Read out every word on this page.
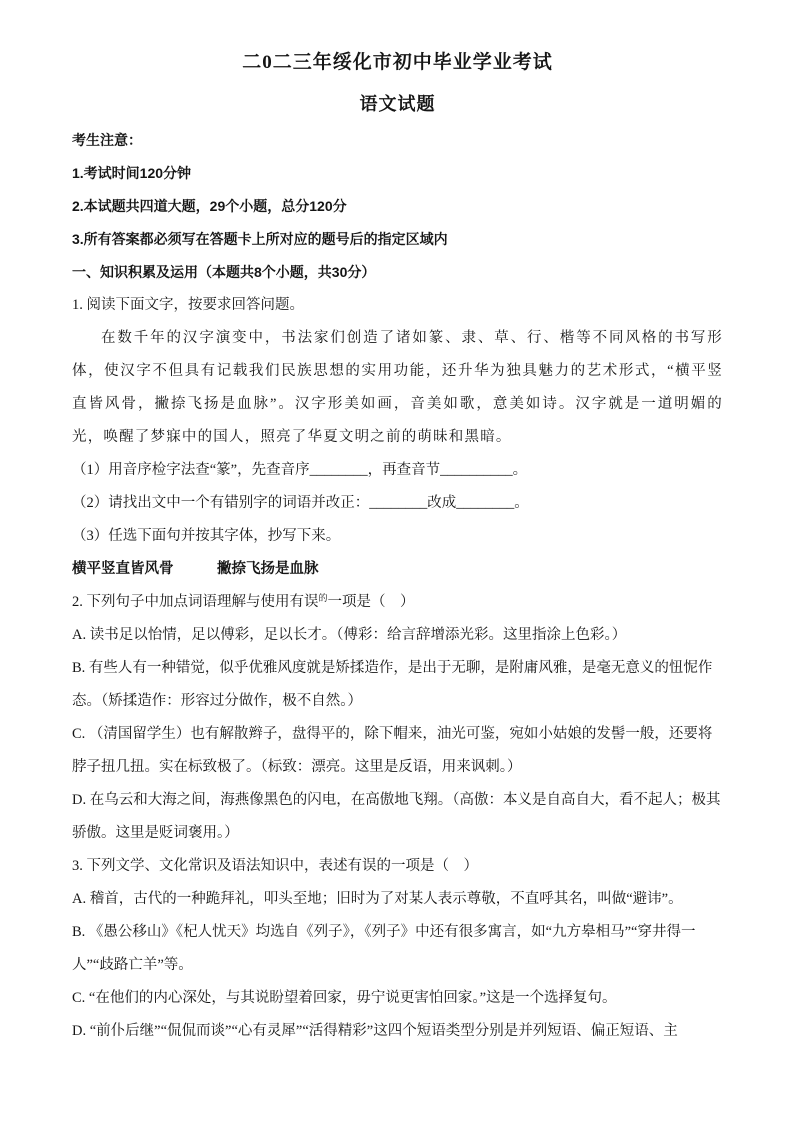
二0二三年绥化市初中毕业学业考试
语文试题

考生注意：

1.考试时间120分钟

2.本试题共四道大题，29个小题，总分120分

3.所有答案都必须写在答题卡上所对应的题号后的指定区域内

一、知识积累及运用（本题共8个小题，共30分）

1. 阅读下面文字，按要求回答问题。

在数千年的汉字演变中，书法家们创造了诸如篆、隶、草、行、楷等不同风格的书写形体，使汉字不但具有记载我们民族思想的实用功能，还升华为独具魅力的艺术形式，“横平竖直皆风骨，撇捺飞扬是血脉”。汉字形美如画，音美如歌，意美如诗。汉字就是一道明媚的光，唤醒了梦寐中的国人，照亮了华夏文明之前的萌昧和黑暗。

（1）用音序检字法查“篆”，先查音序________，再查音节__________。

（2）请找出文中一个有错别字的词语并改正：________改成________。

（3）任选下面句并按其字体，抄写下来。

横平竖直皆风骨	撇捺飞扬是血脉

2. 下列句子中加点词语理解与使用有误的一项是（　）

A. 读书足以怡情，足以傅彩，足以长才。（傅彩：给言辞增添光彩。这里指涂上色彩。）

B. 有些人有一种错觉，似乎优雅风度就是矫揉造作，是出于无聊，是附庸风雅，是毫无意义的忸怩作态。（矫揉造作：形容过分做作，极不自然。）

C. （清国留学生）也有解散辫子，盘得平的，除下帽来，油光可鉴，宛如小姑娘的发髻一般，还要将脖子扭几扭。实在标致极了。（标致：漂亮。这里是反语，用来讽刺。）

D. 在乌云和大海之间，海燕像黑色的闪电，在高傲地飞翔。（高傲：本义是自高自大，看不起人；极其骄傲。这里是贬词褒用。）

3. 下列文学、文化常识及语法知识中，表述有误的一项是（　）

A. 稽首，古代的一种跪拜礼，叩头至地；旧时为了对某人表示尊敬，不直呼其名，叫做“避讳”。

B. 《愚公移山》《杞人忧天》均选自《列子》，《列子》中还有很多寓言，如“九方皋相马”“穿井得一人”“歧路亡羊”等。

C. “在他们的内心深处，与其说盼望着回家，毋宁说更害怕回家。”这是一个选择复句。

D. “前仆后继”“侃侃而谈”“心有灵犀”“活得精彩”这四个短语类型分别是并列短语、偏正短语、主
